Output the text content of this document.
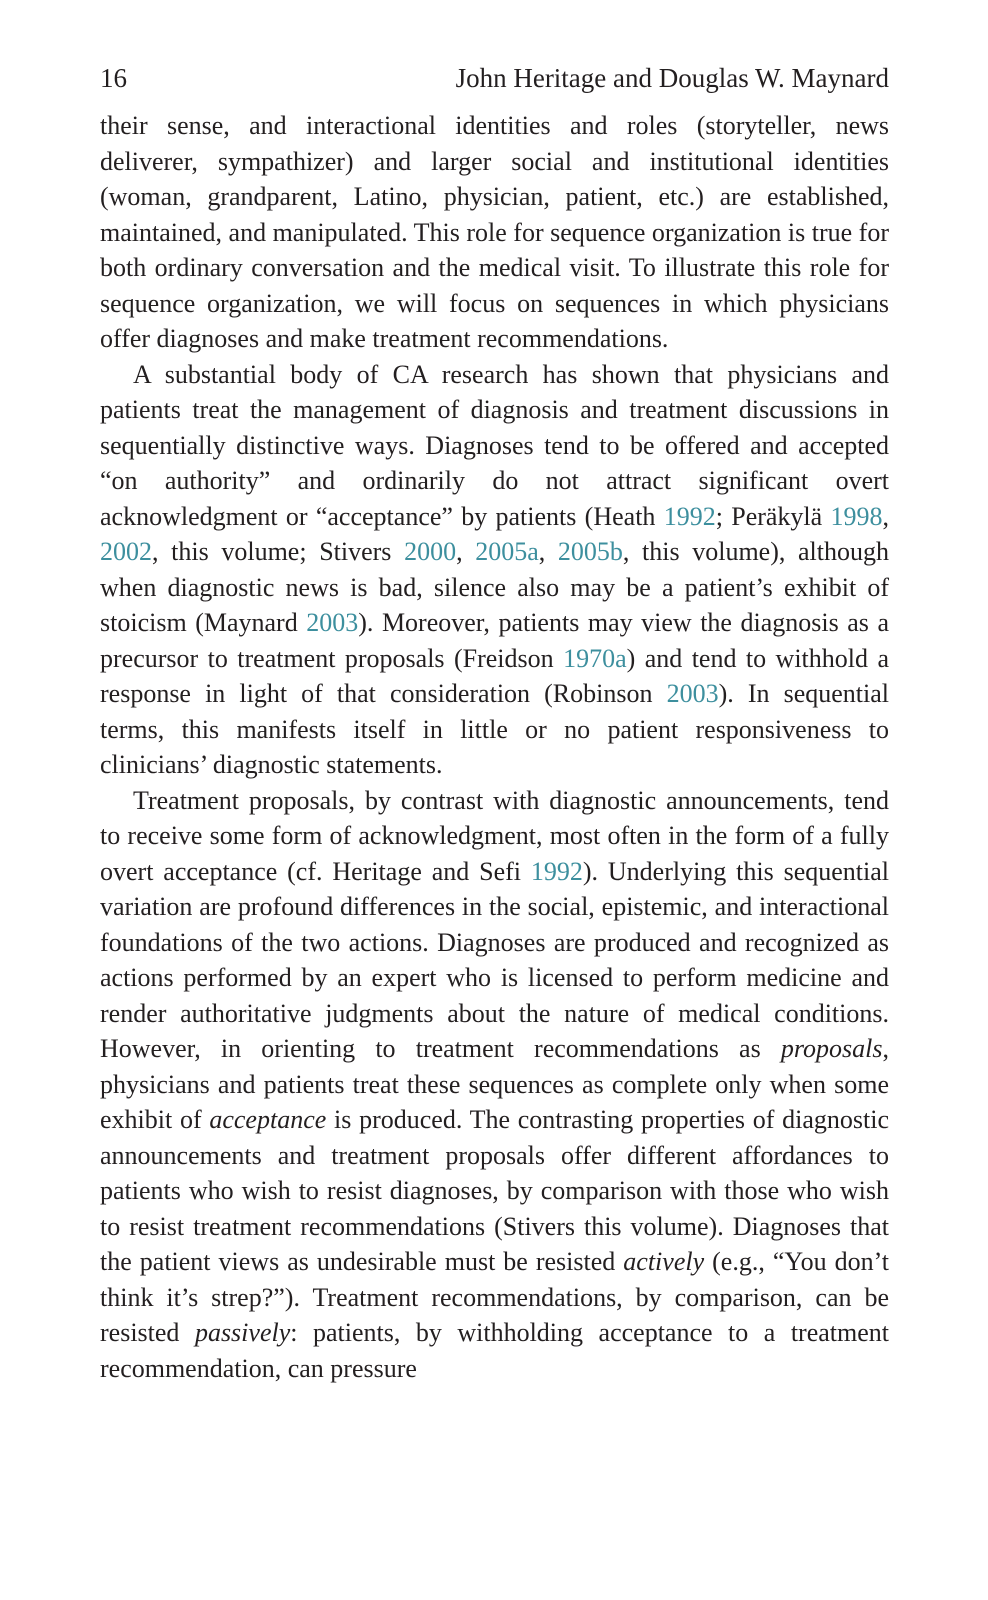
16	John Heritage and Douglas W. Maynard

their sense, and interactional identities and roles (storyteller, news deliverer, sympathizer) and larger social and institutional identities (woman, grandparent, Latino, physician, patient, etc.) are established, maintained, and manipulated. This role for sequence organization is true for both ordinary conversation and the medical visit. To illustrate this role for sequence organization, we will focus on sequences in which physicians offer diagnoses and make treatment recommendations.

A substantial body of CA research has shown that physicians and patients treat the management of diagnosis and treatment discussions in sequentially distinctive ways. Diagnoses tend to be offered and accepted “on authority” and ordinarily do not attract significant overt acknowledgment or “acceptance” by patients (Heath 1992; Peräkylä 1998, 2002, this volume; Stivers 2000, 2005a, 2005b, this volume), although when diagnostic news is bad, silence also may be a patient’s exhibit of stoicism (Maynard 2003). Moreover, patients may view the diagnosis as a precursor to treatment proposals (Freidson 1970a) and tend to withhold a response in light of that consideration (Robinson 2003). In sequential terms, this manifests itself in little or no patient responsiveness to clinicians’ diagnostic statements.

Treatment proposals, by contrast with diagnostic announcements, tend to receive some form of acknowledgment, most often in the form of a fully overt acceptance (cf. Heritage and Sefi 1992). Underlying this sequential variation are profound differences in the social, epistemic, and interactional foundations of the two actions. Diagnoses are produced and recognized as actions performed by an expert who is licensed to perform medicine and render authoritative judgments about the nature of medical conditions. However, in orienting to treatment recommendations as proposals, physicians and patients treat these sequences as complete only when some exhibit of acceptance is produced. The contrasting properties of diagnostic announcements and treatment proposals offer different affordances to patients who wish to resist diagnoses, by comparison with those who wish to resist treatment recommendations (Stivers this volume). Diagnoses that the patient views as undesirable must be resisted actively (e.g., “You don’t think it’s strep?”). Treatment recommendations, by comparison, can be resisted passively: patients, by withholding acceptance to a treatment recommendation, can pressure
